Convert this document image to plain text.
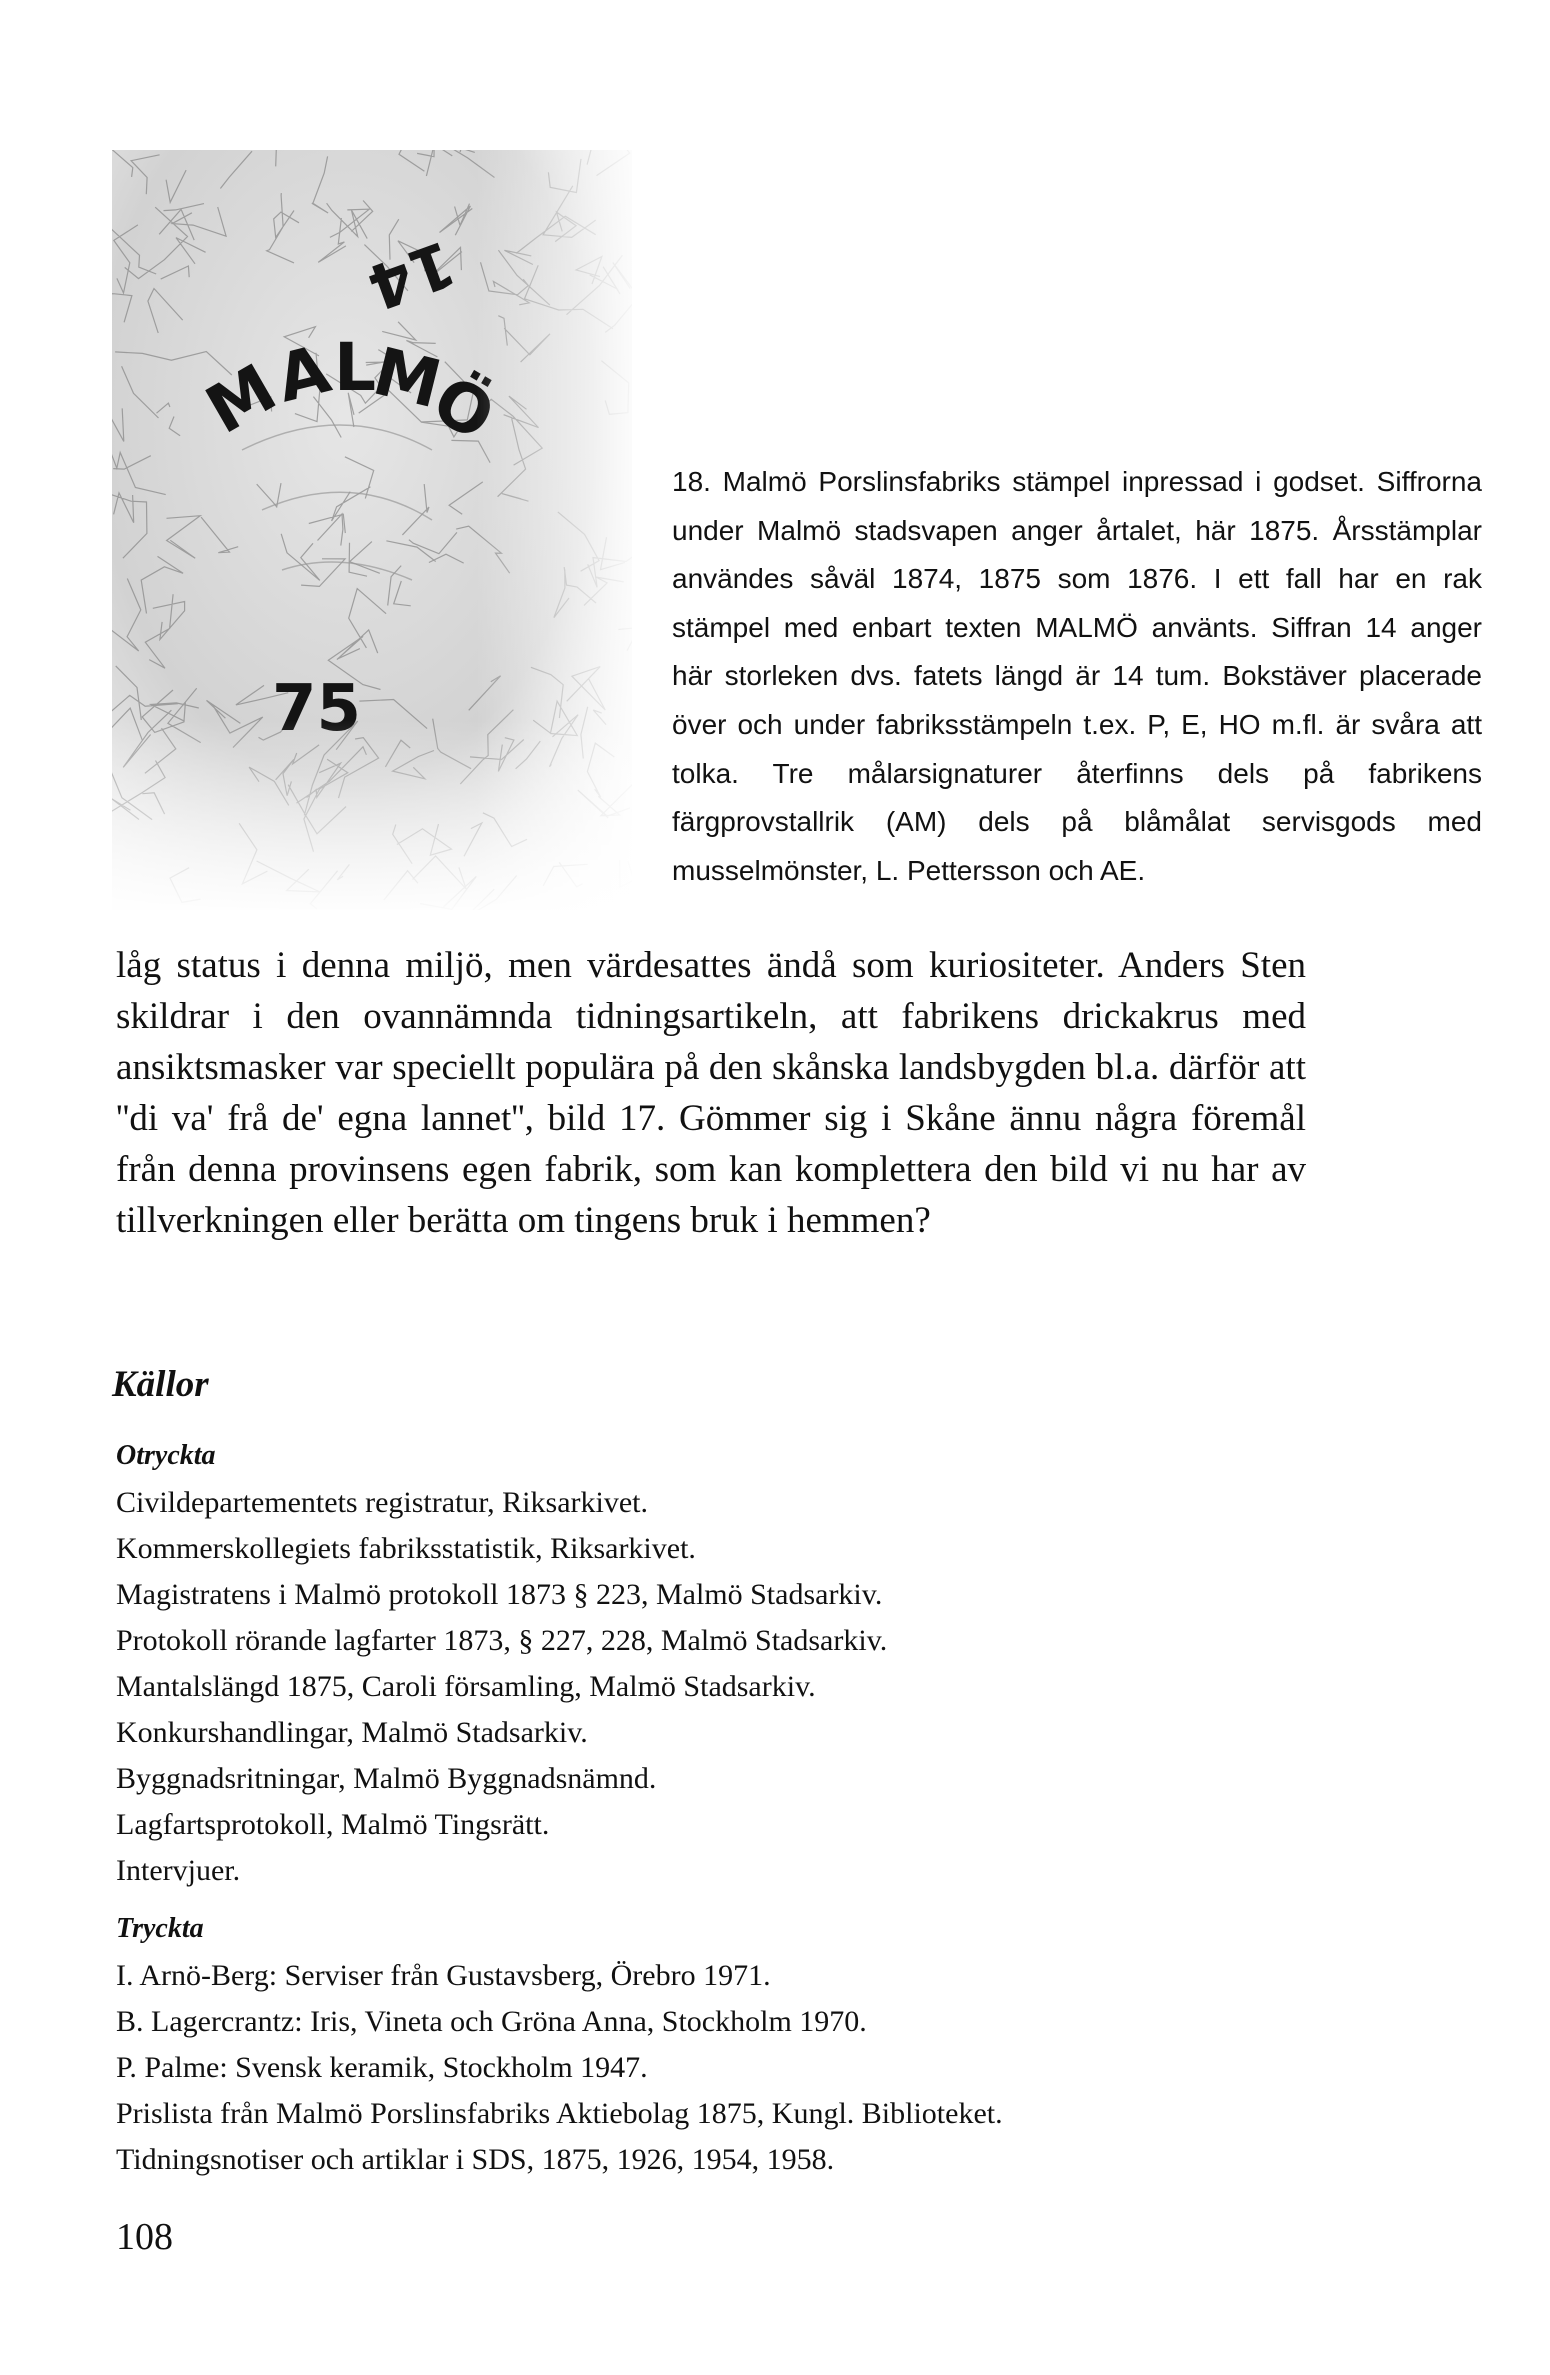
18. Malmö Porslinsfabriks stämpel inpressad i godset. Siffrorna under Malmö stadsvapen anger årtalet, här 1875. Årsstämplar användes såväl 1874, 1875 som 1876. I ett fall har en rak stämpel med enbart texten MALMÖ använts. Siffran 14 anger här storleken dvs. fatets längd är 14 tum. Bokstäver placerade över och under fabriksstämpeln t.ex. P, E, HO m.fl. är svåra att tolka. Tre målarsignaturer återfinns dels på fabrikens färgprovstallrik (AM) dels på blåmålat servisgods med musselmönster, L. Pettersson och AE.

låg status i denna miljö, men värdesattes ändå som kuriositeter. Anders Sten skildrar i den ovannämnda tidningsartikeln, att fabrikens drickakrus med ansiktsmasker var speciellt populära på den skånska landsbygden bl.a. därför att ''di va' frå de' egna lannet'', bild 17. Gömmer sig i Skåne ännu några föremål från denna provinsens egen fabrik, som kan komplettera den bild vi nu har av tillverkningen eller berätta om tingens bruk i hemmen?

Källor
Otryckta
Civildepartementets registratur, Riksarkivet.
Kommerskollegiets fabriksstatistik, Riksarkivet.
Magistratens i Malmö protokoll 1873 § 223, Malmö Stadsarkiv.
Protokoll rörande lagfarter 1873, § 227, 228, Malmö Stadsarkiv.
Mantalslängd 1875, Caroli församling, Malmö Stadsarkiv.
Konkurshandlingar, Malmö Stadsarkiv.
Byggnadsritningar, Malmö Byggnadsnämnd.
Lagfartsprotokoll, Malmö Tingsrätt.
Intervjuer.
Tryckta
I. Arnö-Berg: Serviser från Gustavsberg, Örebro 1971.
B. Lagercrantz: Iris, Vineta och Gröna Anna, Stockholm 1970.
P. Palme: Svensk keramik, Stockholm 1947.
Prislista från Malmö Porslinsfabriks Aktiebolag 1875, Kungl. Biblioteket.
Tidningsnotiser och artiklar i SDS, 1875, 1926, 1954, 1958.

108
